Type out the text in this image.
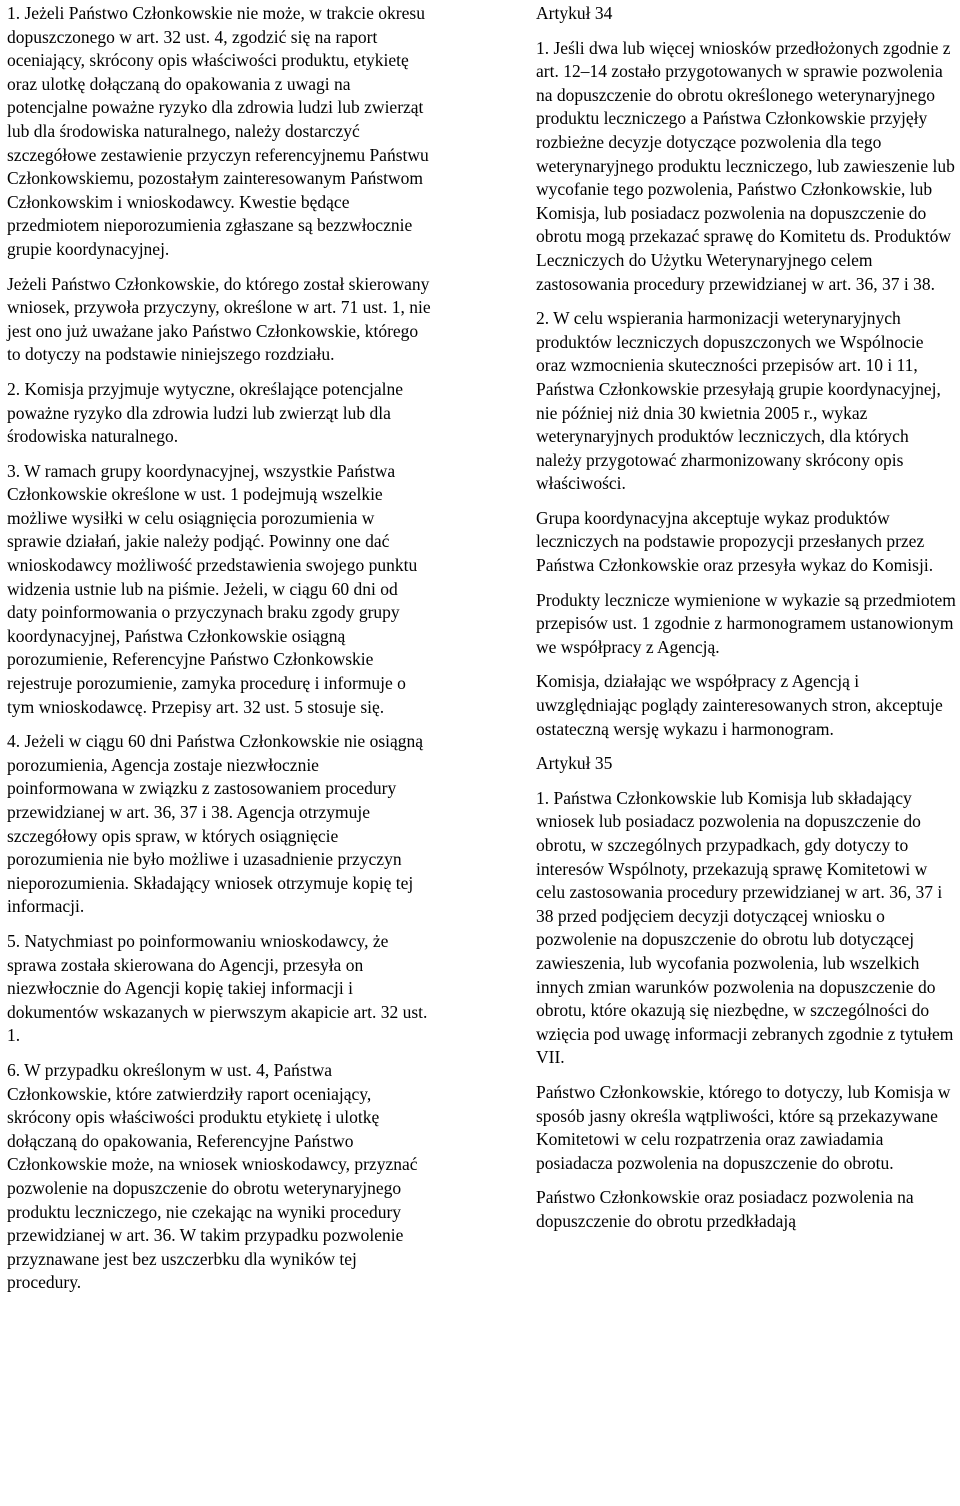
1. Jeżeli Państwo Członkowskie nie może, w trakcie okresu dopuszczonego w art. 32 ust. 4, zgodzić się na raport oceniający, skrócony opis właściwości produktu, etykietę oraz ulotkę dołączaną do opakowania z uwagi na potencjalne poważne ryzyko dla zdrowia ludzi lub zwierząt lub dla środowiska naturalnego, należy dostarczyć szczegółowe zestawienie przyczyn referencyjnemu Państwu Członkowskiemu, pozostałym zainteresowanym Państwom Członkowskim i wnioskodawcy. Kwestie będące przedmiotem nieporozumienia zgłaszane są bezzwłocznie grupie koordynacyjnej.

Jeżeli Państwo Członkowskie, do którego został skierowany wniosek, przywoła przyczyny, określone w art. 71 ust. 1, nie jest ono już uważane jako Państwo Członkowskie, którego to dotyczy na podstawie niniejszego rozdziału.

2. Komisja przyjmuje wytyczne, określające potencjalne poważne ryzyko dla zdrowia ludzi lub zwierząt lub dla środowiska naturalnego.

3. W ramach grupy koordynacyjnej, wszystkie Państwa Członkowskie określone w ust. 1 podejmują wszelkie możliwe wysiłki w celu osiągnięcia porozumienia w sprawie działań, jakie należy podjąć. Powinny one dać wnioskodawcy możliwość przedstawienia swojego punktu widzenia ustnie lub na piśmie. Jeżeli, w ciągu 60 dni od daty poinformowania o przyczynach braku zgody grupy koordynacyjnej, Państwa Członkowskie osiągną porozumienie, Referencyjne Państwo Członkowskie rejestruje porozumienie, zamyka procedurę i informuje o tym wnioskodawcę. Przepisy art. 32 ust. 5 stosuje się.

4. Jeżeli w ciągu 60 dni Państwa Członkowskie nie osiągną porozumienia, Agencja zostaje niezwłocznie poinformowana w związku z zastosowaniem procedury przewidzianej w art. 36, 37 i 38. Agencja otrzymuje szczegółowy opis spraw, w których osiągnięcie porozumienia nie było możliwe i uzasadnienie przyczyn nieporozumienia. Składający wniosek otrzymuje kopię tej informacji.

5. Natychmiast po poinformowaniu wnioskodawcy, że sprawa została skierowana do Agencji, przesyła on niezwłocznie do Agencji kopię takiej informacji i dokumentów wskazanych w pierwszym akapicie art. 32 ust. 1.

6. W przypadku określonym w ust. 4, Państwa Członkowskie, które zatwierdziły raport oceniający, skrócony opis właściwości produktu etykietę i ulotkę dołączaną do opakowania, Referencyjne Państwo Członkowskie może, na wniosek wnioskodawcy, przyznać pozwolenie na dopuszczenie do obrotu weterynaryjnego produktu leczniczego, nie czekając na wyniki procedury przewidzianej w art. 36. W takim przypadku pozwolenie przyznawane jest bez uszczerbku dla wyników tej procedury.

Artykuł 34

1. Jeśli dwa lub więcej wniosków przedłożonych zgodnie z art. 12–14 zostało przygotowanych w sprawie pozwolenia na dopuszczenie do obrotu określonego weterynaryjnego produktu leczniczego a Państwa Członkowskie przyjęły rozbieżne decyzje dotyczące pozwolenia dla tego weterynaryjnego produktu leczniczego, lub zawieszenie lub wycofanie tego pozwolenia, Państwo Członkowskie, lub Komisja, lub posiadacz pozwolenia na dopuszczenie do obrotu mogą przekazać sprawę do Komitetu ds. Produktów Leczniczych do Użytku Weterynaryjnego celem zastosowania procedury przewidzianej w art. 36, 37 i 38.

2. W celu wspierania harmonizacji weterynaryjnych produktów leczniczych dopuszczonych we Wspólnocie oraz wzmocnienia skuteczności przepisów art. 10 i 11, Państwa Członkowskie przesyłają grupie koordynacyjnej, nie później niż dnia 30 kwietnia 2005 r., wykaz weterynaryjnych produktów leczniczych, dla których należy przygotować zharmonizowany skrócony opis właściwości.

Grupa koordynacyjna akceptuje wykaz produktów leczniczych na podstawie propozycji przesłanych przez Państwa Członkowskie oraz przesyła wykaz do Komisji.

Produkty lecznicze wymienione w wykazie są przedmiotem przepisów ust. 1 zgodnie z harmonogramem ustanowionym we współpracy z Agencją.

Komisja, działając we współpracy z Agencją i uwzględniając poglądy zainteresowanych stron, akceptuje ostateczną wersję wykazu i harmonogram.

Artykuł 35

1. Państwa Członkowskie lub Komisja lub składający wniosek lub posiadacz pozwolenia na dopuszczenie do obrotu, w szczególnych przypadkach, gdy dotyczy to interesów Wspólnoty, przekazują sprawę Komitetowi w celu zastosowania procedury przewidzianej w art. 36, 37 i 38 przed podjęciem decyzji dotyczącej wniosku o pozwolenie na dopuszczenie do obrotu lub dotyczącej zawieszenia, lub wycofania pozwolenia, lub wszelkich innych zmian warunków pozwolenia na dopuszczenie do obrotu, które okazują się niezbędne, w szczególności do wzięcia pod uwagę informacji zebranych zgodnie z tytułem VII.

Państwo Członkowskie, którego to dotyczy, lub Komisja w sposób jasny określa wątpliwości, które są przekazywane Komitetowi w celu rozpatrzenia oraz zawiadamia posiadacza pozwolenia na dopuszczenie do obrotu.

Państwo Członkowskie oraz posiadacz pozwolenia na dopuszczenie do obrotu przedkładają
